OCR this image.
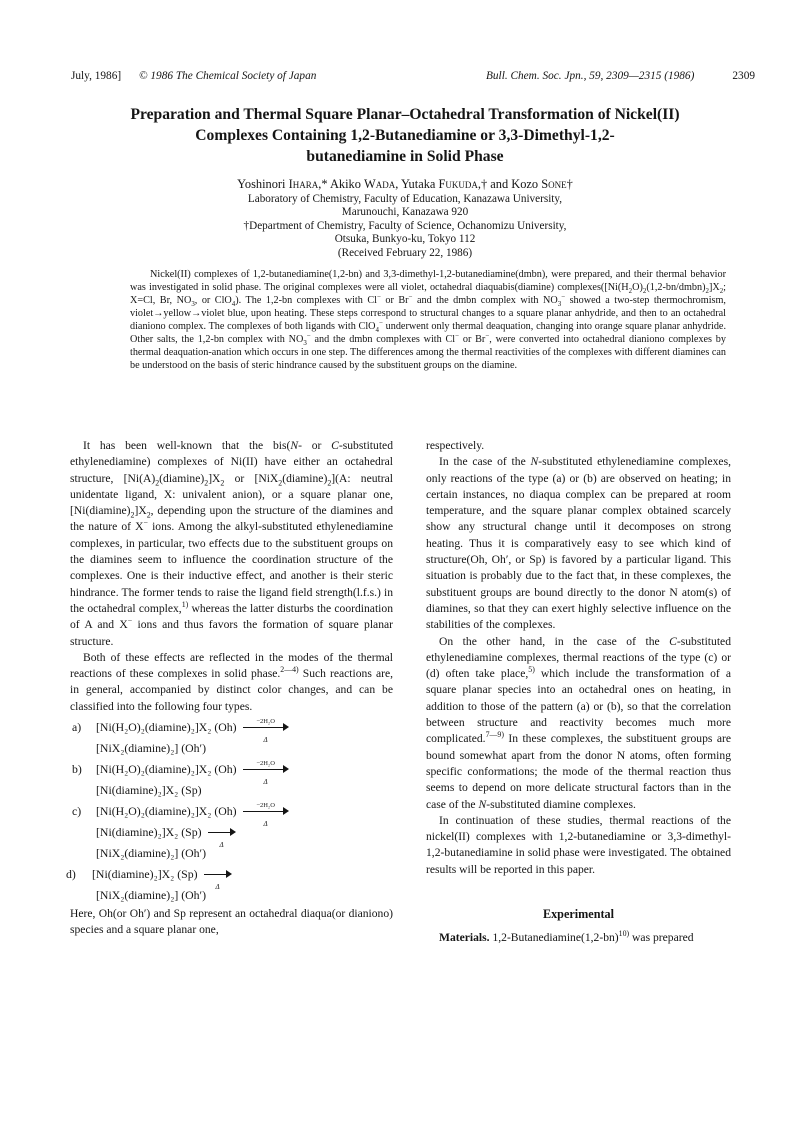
July, 1986] © 1986 The Chemical Society of Japan	Bull. Chem. Soc. Jpn., 59, 2309—2315 (1986)	2309
Preparation and Thermal Square Planar–Octahedral Transformation of Nickel(II)
Complexes Containing 1,2-Butanediamine or 3,3-Dimethyl-1,2-
butanediamine in Solid Phase
Yoshinori Ihara,* Akiko Wada, Yutaka Fukuda,† and Kozo Sone†
Laboratory of Chemistry, Faculty of Education, Kanazawa University,
Marunouchi, Kanazawa 920
†Department of Chemistry, Faculty of Science, Ochanomizu University,
Otsuka, Bunkyo-ku, Tokyo 112
(Received February 22, 1986)
Nickel(II) complexes of 1,2-butanediamine(1,2-bn) and 3,3-dimethyl-1,2-butanediamine(dmbn), were prepared, and their thermal behavior was investigated in solid phase. The original complexes were all violet, octahedral diaquabis(diamine) $complexes([Ni(H_2O)_2(1,2-bn/dmbn)_2]X_2$; X=Cl, Br, $NO_3$, or ClO$_4$). The 1,2-bn complexes with Cl− or Br− and the dmbn complex with $NO_3^-$ showed a two-step thermochromism, violet→yellow→violet blue, upon heating. These steps correspond to structural changes to a square planar anhydride, and then to an octahedral dianiono complex. The complexes of both ligands with ClO$_4$− underwent only thermal deaquation, changing into orange square planar anhydride. Other salts, the 1,2-bn complex with $NO_3^-$ and the dmbn complexes with Cl− or Br−, were converted into octahedral dianiono complexes by thermal deaquation-anation which occurs in one step. The differences among the thermal reactivities of the complexes with different diamines can be understood on the basis of steric hindrance caused by the substituent groups on the diamine.

It has been well-known that the bis(N- or C-substituted ethylenediamine) complexes of Ni(II) have either an octahedral structure, $[Ni(A)_2(diamine)_2]X_2$ or $[NiX_2(diamine)_2](A$: neutral unidentate ligand, X: univalent anion), or a square planar one, $[Ni(diamine)_2]X_2$, depending upon the structure of the diamines and the nature of X− ions. Among the alkyl-substituted ethylenediamine complexes, in particular, two effects due to the substituent groups on the diamines seem to influence the coordination structure of the complexes. One is their inductive effect, and another is their steric hindrance. The former tends to raise the ligand field strength(l.f.s.) in the octahedral complex,$^{1)}$ whereas the latter disturbs the coordination of A and X− ions and thus favors the formation of square planar structure.

Both of these effects are reflected in the modes of the thermal reactions of these complexes in solid phase.$^{2—4)}$ Such reactions are, in general, accompanied by distinct color changes, and can be classified into the following four types.

a) [Ni(H₂O)₂(diamine)₂]X₂ $(Oh) \frac{\text{−2H₂O}}{\Delta}$
[NiX₂(diamine)₂] (Oh′)
b) [Ni(H₂O)₂(diamine)₂]X₂ $(Oh) \frac{\text{−2H₂O}}{\Delta}$
[Ni(diamine)₂]X₂ (Sp)
c) [Ni(H₂O)₂(diamine)₂]X₂ $(Oh) \frac{\text{−2H₂O}}{\Delta}$
[Ni(diamine)₂]X₂ (Sp)
Δ
[NiX₂(diamine)₂] (Oh′)
d) [Ni(diamine)₂]X₂ (Sp)
Δ
[NiX₂(diamine)₂] (Oh′)

Here, Oh(or Oh′) and Sp represent an octahedral diaqua(or dianiono) species and a square planar one,

respectively.

In the case of the N-substituted ethylenediamine complexes, only reactions of the type (a) or (b) are observed on heating; in certain instances, no diaqua complex can be prepared at room temperature, and the square planar complex obtained scarcely show any structural change until it decomposes on strong heating. Thus it is comparatively easy to see which kind of structure(Oh, Oh′, or Sp) is favored by a particular ligand. This situation is probably due to the fact that, in these complexes, the substituent groups are bound directly to the donor N atom(s) of diamines, so that they can exert highly selective influence on the stabilities of the complexes.

On the other hand, in the case of the C-substituted ethylenediamine complexes, thermal reactions of the type (c) or (d) often take place,$^{5)}$ which include the transformation of a square planar species into an octahedral ones on heating, in addition to those of the pattern (a) or (b), so that the correlation between structure and reactivity becomes much more complicated.$^{7—9)}$ In these complexes, the substituent groups are bound somewhat apart from the donor N atoms, often forming specific conformations; the mode of the thermal reaction thus seems to depend on more delicate structural factors than in the case of the N-substituted diamine complexes.

In continuation of these studies, thermal reactions of the nickel(II) complexes with 1,2-butanediamine or 3,3-dimethyl-1,2-butanediamine in solid phase were investigated. The obtained results will be reported in this paper.

Experimental

Materials. $1,2-Butanediamine(1,2-bn)^{10)}$ was prepared
